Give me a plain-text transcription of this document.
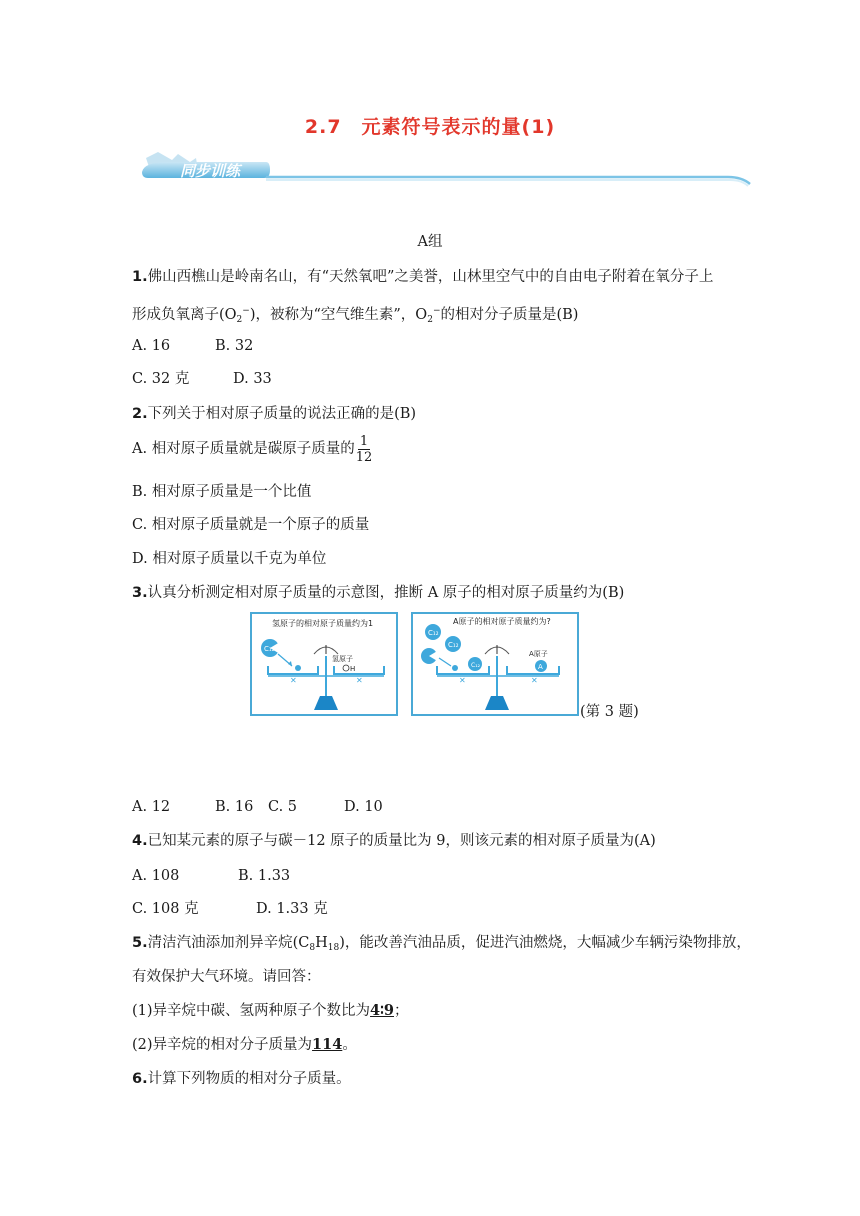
2.7　元素符号表示的量(1)
同步训练
A组
1.佛山西樵山是岭南名山，有“天然氧吧”之美誉，山林里空气中的自由电子附着在氧分子上
形成负氧离子$(O_2^-)$，被称为“空气维生素”，$O_2^-$的相对分子质量是(B)
A. 16	B. 32
C. 32 克	D. 33
2.下列关于相对原子质量的说法正确的是(B)
A. 相对原子质量就是碳原子质量的 $\frac{1}{12}$
B. 相对原子质量是一个比值
C. 相对原子质量就是一个原子的质量
D. 相对原子质量以千克为单位
3.认真分析测定相对原子质量的示意图，推断 A 原子的相对原子质量约为(B)
氢原子的相对原子质量约为1
C₁₂
氢原子
H
✕	✕
A原子的相对原子质量约为?
C₁₂
C₁₂
C₁₂
A原子
A
✕	✕
(第 3 题)
A. 12	B. 16 C. 5	D. 10
4.已知某元素的原子与碳－12 原子的质量比为 9，则该元素的相对原子质量为(A)
A. 108	B. 1.33
C. 108 克	D. 1.33 克
5.清洁汽油添加剂异辛烷$(C_8H_{18})$，能改善汽油品质，促进汽油燃烧，大幅减少车辆污染物排放，
有效保护大气环境。请回答：
(1)异辛烷中碳、氢两种原子个数比为4∶9；
(2)异辛烷的相对分子质量为114。
6.计算下列物质的相对分子质量。
